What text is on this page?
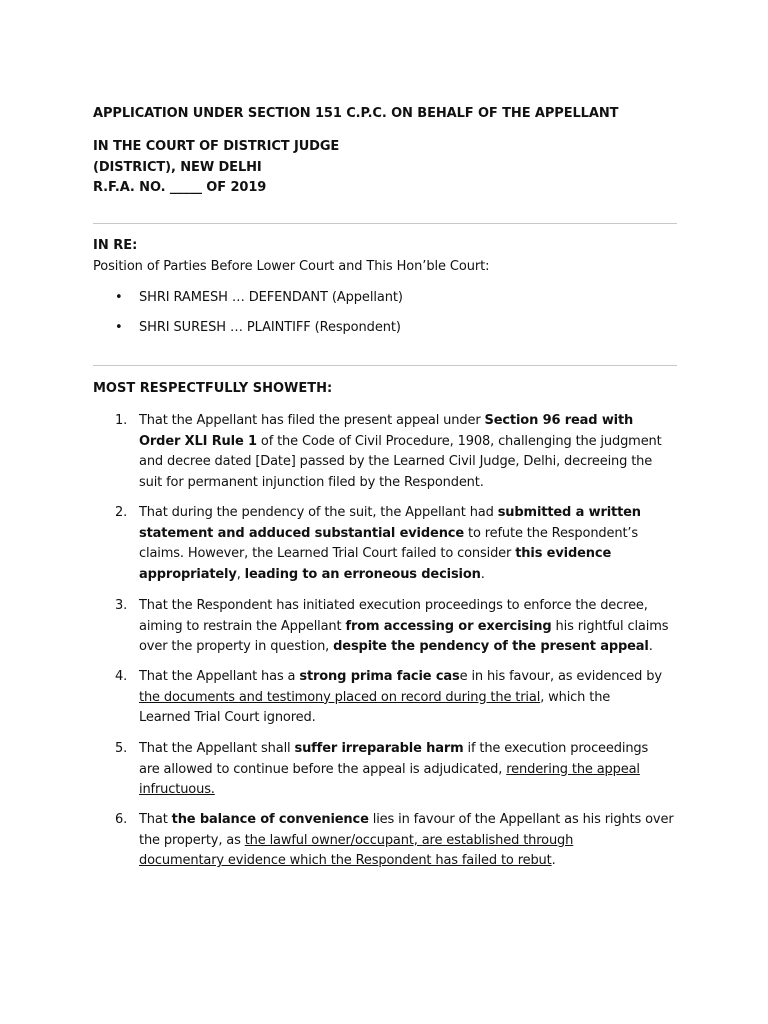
APPLICATION UNDER SECTION 151 C.P.C. ON BEHALF OF THE APPELLANT
IN THE COURT OF DISTRICT JUDGE
(DISTRICT), NEW DELHI
R.F.A. NO. _____ OF 2019
IN RE:
Position of Parties Before Lower Court and This Hon’ble Court:
• SHRI RAMESH … DEFENDANT (Appellant)
• SHRI SURESH … PLAINTIFF (Respondent)
MOST RESPECTFULLY SHOWETH:
1. That the Appellant has filed the present appeal under Section 96 read with
Order XLI Rule 1 of the Code of Civil Procedure, 1908, challenging the judgment
and decree dated [Date] passed by the Learned Civil Judge, Delhi, decreeing the
suit for permanent injunction filed by the Respondent.
2. That during the pendency of the suit, the Appellant had submitted a written
statement and adduced substantial evidence to refute the Respondent’s
claims. However, the Learned Trial Court failed to consider this evidence
appropriately, leading to an erroneous decision.
3. That the Respondent has initiated execution proceedings to enforce the decree,
aiming to restrain the Appellant from accessing or exercising his rightful claims
over the property in question, despite the pendency of the present appeal.
4. That the Appellant has a strong prima facie case in his favour, as evidenced by
the documents and testimony placed on record during the trial, which the
Learned Trial Court ignored.
5. That the Appellant shall suffer irreparable harm if the execution proceedings
are allowed to continue before the appeal is adjudicated, rendering the appeal
infructuous.
6. That the balance of convenience lies in favour of the Appellant as his rights over
the property, as the lawful owner/occupant, are established through
documentary evidence which the Respondent has failed to rebut.
